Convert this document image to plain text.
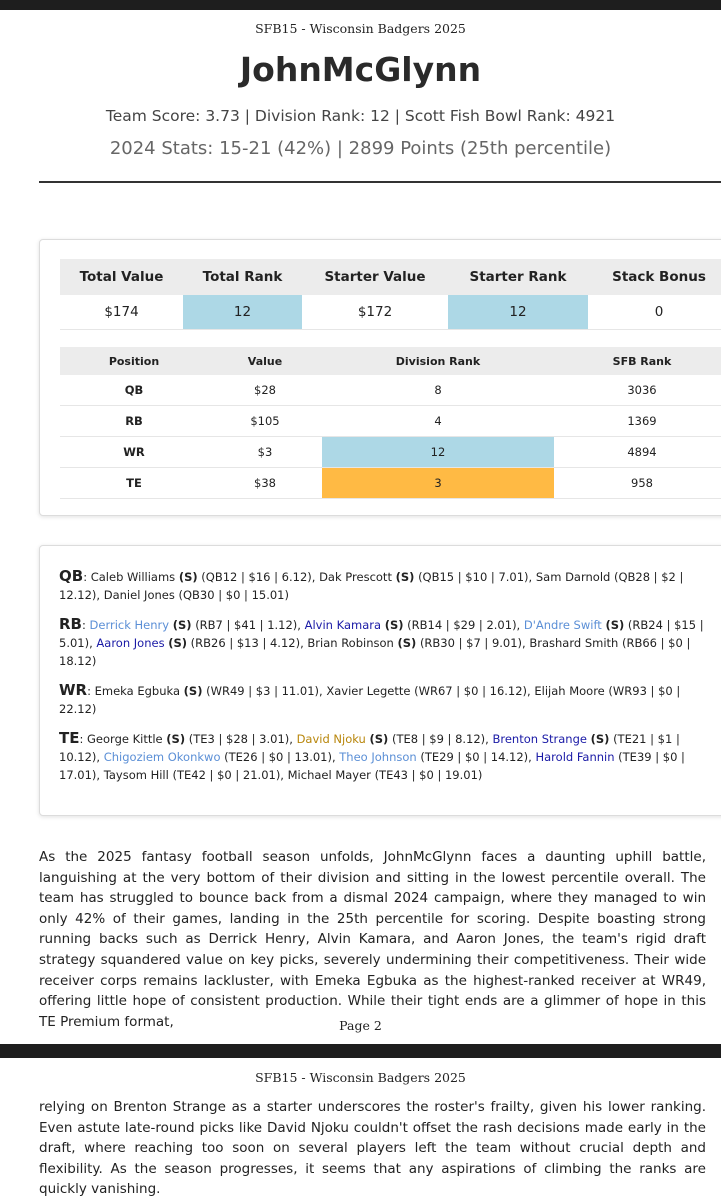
SFB15 - Wisconsin Badgers 2025
JohnMcGlynn
Team Score: 3.73 | Division Rank: 12 | Scott Fish Bowl Rank: 4921
2024 Stats: 15-21 (42%) | 2899 Points (25th percentile)
Total Value	Total Rank	Starter Value	Starter Rank	Stack Bonus
$174	12	$172	12	0
Position	Value	Division Rank	SFB Rank
QB	$28	8	3036
RB	$105	4	1369
WR	$3	12	4894
TE	$38	3	958
QB: Caleb Williams (S) (QB12 | $16 | 6.12), Dak Prescott (S) (QB15 | $10 | 7.01), Sam Darnold (QB28 | $2 | 12.12), Daniel Jones (QB30 | $0 | 15.01)
RB: Derrick Henry (S) (RB7 | $41 | 1.12), Alvin Kamara (S) (RB14 | $29 | 2.01), D'Andre Swift (S) (RB24 | $15 | 5.01), Aaron Jones (S) (RB26 | $13 | 4.12), Brian Robinson (S) (RB30 | $7 | 9.01), Brashard Smith (RB66 | $0 | 18.12)
WR: Emeka Egbuka (S) (WR49 | $3 | 11.01), Xavier Legette (WR67 | $0 | 16.12), Elijah Moore (WR93 | $0 | 22.12)
TE: George Kittle (S) (TE3 | $28 | 3.01), David Njoku (S) (TE8 | $9 | 8.12), Brenton Strange (S) (TE21 | $1 | 10.12), Chigoziem Okonkwo (TE26 | $0 | 13.01), Theo Johnson (TE29 | $0 | 14.12), Harold Fannin (TE39 | $0 | 17.01), Taysom Hill (TE42 | $0 | 21.01), Michael Mayer (TE43 | $0 | 19.01)

As the 2025 fantasy football season unfolds, JohnMcGlynn faces a daunting uphill battle, languishing at the very bottom of their division and sitting in the lowest percentile overall. The team has struggled to bounce back from a dismal 2024 campaign, where they managed to win only 42% of their games, landing in the 25th percentile for scoring. Despite boasting strong running backs such as Derrick Henry, Alvin Kamara, and Aaron Jones, the team's rigid draft strategy squandered value on key picks, severely undermining their competitiveness. Their wide receiver corps remains lackluster, with Emeka Egbuka as the highest-ranked receiver at WR49, offering little hope of consistent production. While their tight ends are a glimmer of hope in this TE Premium format,	Page 2
SFB15 - Wisconsin Badgers 2025

relying on Brenton Strange as a starter underscores the roster's frailty, given his lower ranking. Even astute late-round picks like David Njoku couldn't offset the rash decisions made early in the draft, where reaching too soon on several players left the team without crucial depth and flexibility. As the season progresses, it seems that any aspirations of climbing the ranks are quickly vanishing.
